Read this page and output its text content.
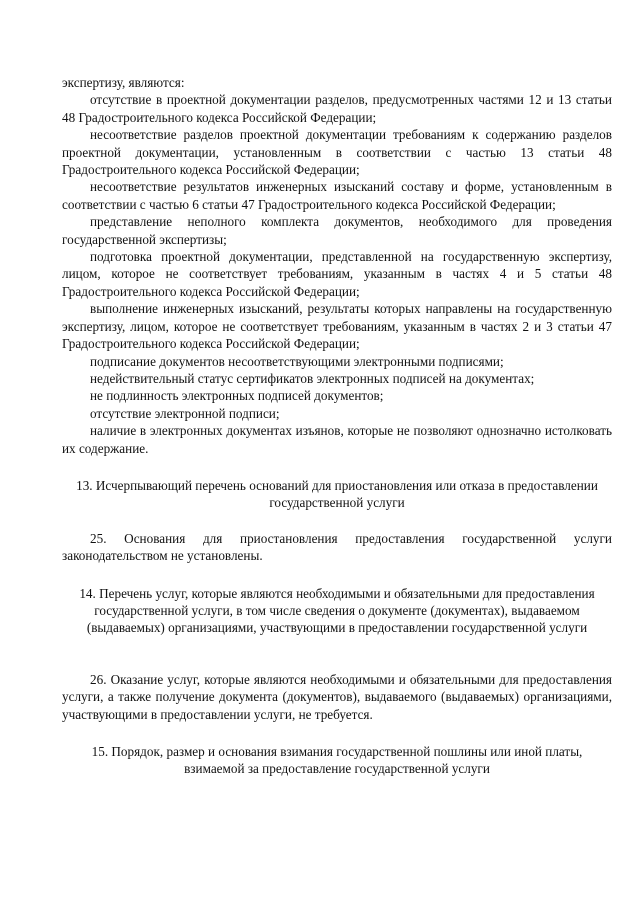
экспертизу, являются:

отсутствие в проектной документации разделов, предусмотренных частями 12 и 13 статьи 48 Градостроительного кодекса Российской Федерации;

несоответствие разделов проектной документации требованиям к содержанию разделов проектной документации, установленным в соответствии с частью 13 статьи 48 Градостроительного кодекса Российской Федерации;

несоответствие результатов инженерных изысканий составу и форме, установленным в соответствии с частью 6 статьи 47 Градостроительного кодекса Российской Федерации;

представление неполного комплекта документов, необходимого для проведения государственной экспертизы;

подготовка проектной документации, представленной на государственную экспертизу, лицом, которое не соответствует требованиям, указанным в частях 4 и 5 статьи 48 Градостроительного кодекса Российской Федерации;

выполнение инженерных изысканий, результаты которых направлены на государственную экспертизу, лицом, которое не соответствует требованиям, указанным в частях 2 и 3 статьи 47 Градостроительного кодекса Российской Федерации;

подписание документов несоответствующими электронными подписями;

недействительный статус сертификатов электронных подписей на документах;

не подлинность электронных подписей документов;

отсутствие электронной подписи;

наличие в электронных документах изъянов, которые не позволяют однозначно истолковать их содержание.

13. Исчерпывающий перечень оснований для приостановления или отказа в предоставлении государственной услуги

25. Основания для приостановления предоставления государственной услуги законодательством не установлены.

14. Перечень услуг, которые являются необходимыми и обязательными для предоставления государственной услуги, в том числе сведения о документе (документах), выдаваемом (выдаваемых) организациями, участвующими в предоставлении государственной услуги

26. Оказание услуг, которые являются необходимыми и обязательными для предоставления услуги, а также получение документа (документов), выдаваемого (выдаваемых) организациями, участвующими в предоставлении услуги, не требуется.

15. Порядок, размер и основания взимания государственной пошлины или иной платы, взимаемой за предоставление государственной услуги
